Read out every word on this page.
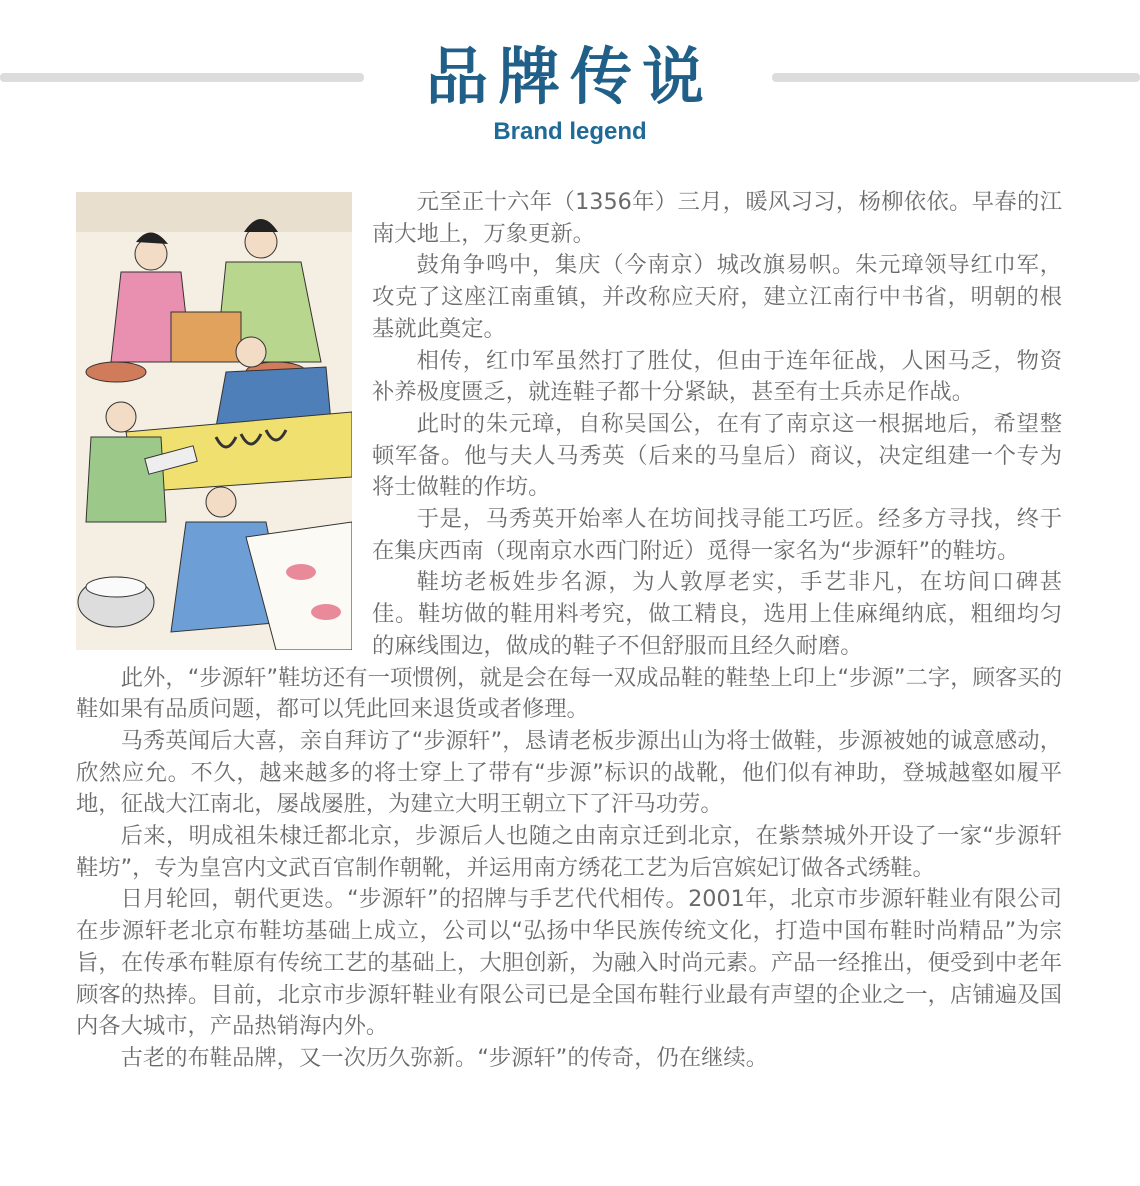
品牌传说
Brand legend

元至正十六年（1356年）三月，暖风习习，杨柳依依。早春的江南大地上，万象更新。

鼓角争鸣中，集庆（今南京）城改旗易帜。朱元璋领导红巾军，攻克了这座江南重镇，并改称应天府，建立江南行中书省，明朝的根基就此奠定。

相传，红巾军虽然打了胜仗，但由于连年征战，人困马乏，物资补养极度匮乏，就连鞋子都十分紧缺，甚至有士兵赤足作战。

此时的朱元璋，自称吴国公，在有了南京这一根据地后，希望整顿军备。他与夫人马秀英（后来的马皇后）商议，决定组建一个专为将士做鞋的作坊。

于是，马秀英开始率人在坊间找寻能工巧匠。经多方寻找，终于在集庆西南（现南京水西门附近）觅得一家名为“步源轩”的鞋坊。

鞋坊老板姓步名源，为人敦厚老实，手艺非凡，在坊间口碑甚佳。鞋坊做的鞋用料考究，做工精良，选用上佳麻绳纳底，粗细均匀的麻线围边，做成的鞋子不但舒服而且经久耐磨。

此外，“步源轩”鞋坊还有一项惯例，就是会在每一双成品鞋的鞋垫上印上“步源”二字，顾客买的鞋如果有品质问题，都可以凭此回来退货或者修理。

马秀英闻后大喜，亲自拜访了“步源轩”，恳请老板步源出山为将士做鞋，步源被她的诚意感动，欣然应允。不久，越来越多的将士穿上了带有“步源”标识的战靴，他们似有神助，登城越壑如履平地，征战大江南北，屡战屡胜，为建立大明王朝立下了汗马功劳。

后来，明成祖朱棣迁都北京，步源后人也随之由南京迁到北京，在紫禁城外开设了一家“步源轩鞋坊”，专为皇宫内文武百官制作朝靴，并运用南方绣花工艺为后宫嫔妃订做各式绣鞋。

日月轮回，朝代更迭。“步源轩”的招牌与手艺代代相传。2001年，北京市步源轩鞋业有限公司在步源轩老北京布鞋坊基础上成立，公司以“弘扬中华民族传统文化，打造中国布鞋时尚精品”为宗旨，在传承布鞋原有传统工艺的基础上，大胆创新，为融入时尚元素。产品一经推出，便受到中老年顾客的热捧。目前，北京市步源轩鞋业有限公司已是全国布鞋行业最有声望的企业之一，店铺遍及国内各大城市，产品热销海内外。

古老的布鞋品牌，又一次历久弥新。“步源轩”的传奇，仍在继续。
